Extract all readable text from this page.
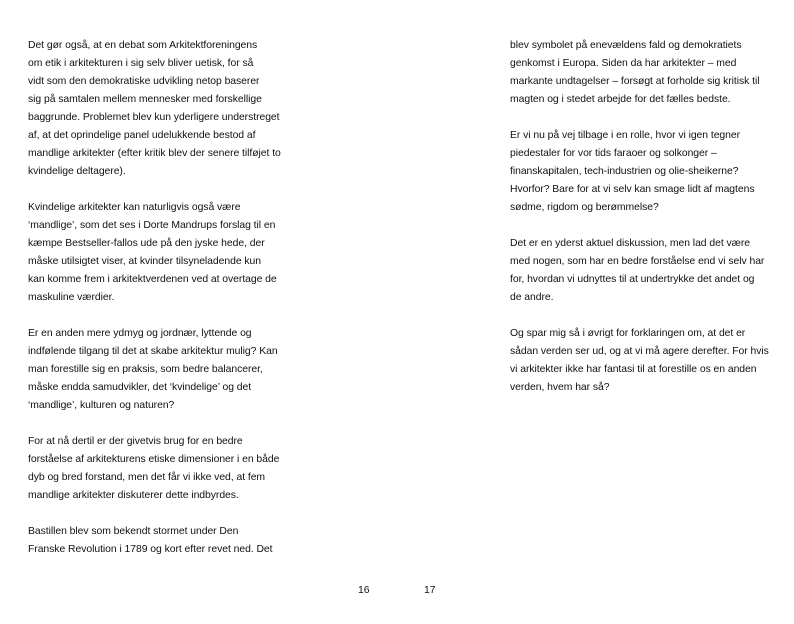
Det gør også, at en debat som Arkitektforeningens
om etik i arkitekturen i sig selv bliver uetisk, for så
vidt som den demokratiske udvikling netop baserer
sig på samtalen mellem mennesker med forskellige
baggrunde. Problemet blev kun yderligere understreget
af, at det oprindelige panel udelukkende bestod af
mandlige arkitekter (efter kritik blev der senere tilføjet to
kvindelige deltagere).

Kvindelige arkitekter kan naturligvis også være
‘mandlige’, som det ses i Dorte Mandrups forslag til en
kæmpe Bestseller-fallos ude på den jyske hede, der
måske utilsigtet viser, at kvinder tilsyneladende kun
kan komme frem i arkitektverdenen ved at overtage de
maskuline værdier.

Er en anden mere ydmyg og jordnær, lyttende og
indfølende tilgang til det at skabe arkitektur mulig? Kan
man forestille sig en praksis, som bedre balancerer,
måske endda samudvikler, det ‘kvindelige’ og det
‘mandlige’, kulturen og naturen?

For at nå dertil er der givetvis brug for en bedre
forståelse af arkitekturens etiske dimensioner i en både
dyb og bred forstand, men det får vi ikke ved, at fem
mandlige arkitekter diskuterer dette indbyrdes.

Bastillen blev som bekendt stormet under Den
Franske Revolution i 1789 og kort efter revet ned. Det

16

blev symbolet på enevældens fald og demokratiets
genkomst i Europa. Siden da har arkitekter – med
markante undtagelser – forsøgt at forholde sig kritisk til
magten og i stedet arbejde for det fælles bedste.

Er vi nu på vej tilbage i en rolle, hvor vi igen tegner
piedestaler for vor tids faraoer og solkonger –
finanskapitalen, tech-industrien og olie-sheikerne?
Hvorfor? Bare for at vi selv kan smage lidt af magtens
sødme, rigdom og berømmelse?

Det er en yderst aktuel diskussion, men lad det være
med nogen, som har en bedre forståelse end vi selv har
for, hvordan vi udnyttes til at undertrykke det andet og
de andre.

Og spar mig så i øvrigt for forklaringen om, at det er
sådan verden ser ud, og at vi må agere derefter. For hvis
vi arkitekter ikke har fantasi til at forestille os en anden
verden, hvem har så?

17
